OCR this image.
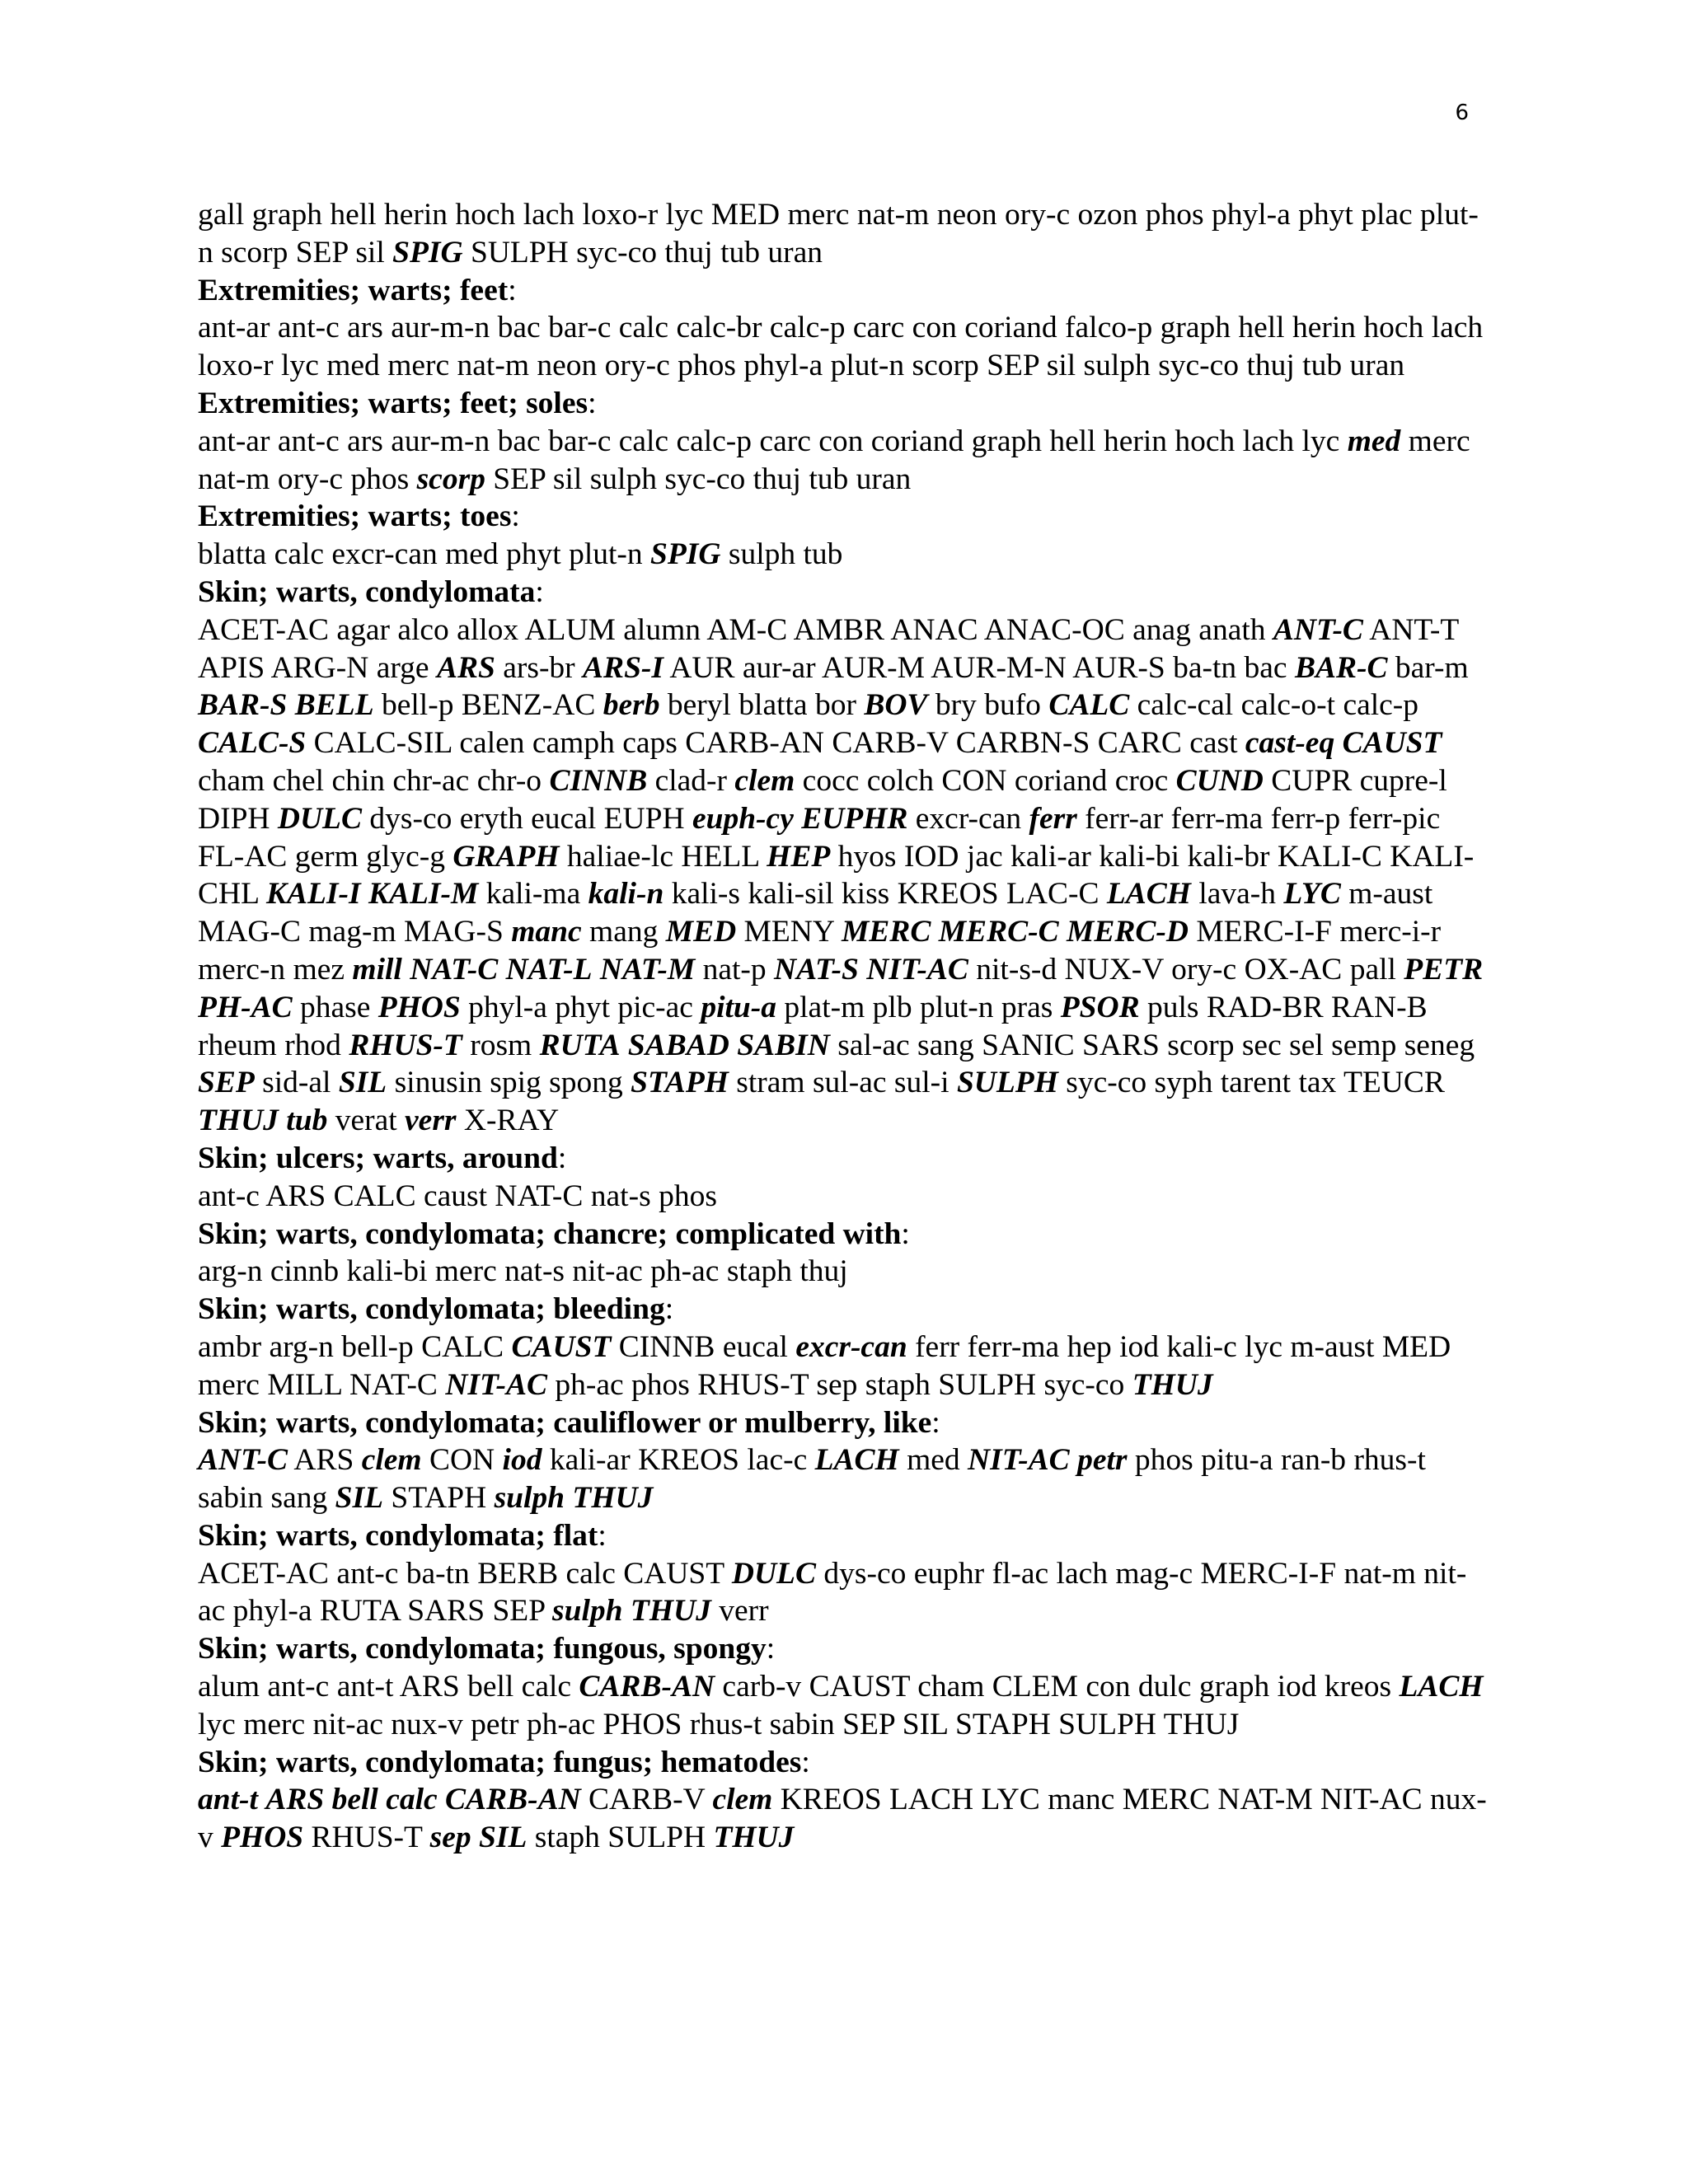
6

gall graph hell herin hoch lach loxo-r lyc MED merc nat-m neon ory-c ozon phos phyl-a phyt plac plut-n scorp SEP sil SPIG SULPH syc-co thuj tub uran

Extremities; warts; feet:

ant-ar ant-c ars aur-m-n bac bar-c calc calc-br calc-p carc con coriand falco-p graph hell herin hoch lach loxo-r lyc med merc nat-m neon ory-c phos phyl-a plut-n scorp SEP sil sulph syc-co thuj tub uran

Extremities; warts; feet; soles:

ant-ar ant-c ars aur-m-n bac bar-c calc calc-p carc con coriand graph hell herin hoch lach lyc med merc nat-m ory-c phos scorp SEP sil sulph syc-co thuj tub uran

Extremities; warts; toes:

blatta calc excr-can med phyt plut-n SPIG sulph tub

Skin; warts, condylomata:

ACET-AC agar alco allox ALUM alumn AM-C AMBR ANAC ANAC-OC anag anath ANT-C ANT-T APIS ARG-N arge ARS ars-br ARS-I AUR aur-ar AUR-M AUR-M-N AUR-S ba-tn bac BAR-C bar-m BAR-S BELL bell-p BENZ-AC berb beryl blatta bor BOV bry bufo CALC calc-cal calc-o-t calc-p CALC-S CALC-SIL calen camph caps CARB-AN CARB-V CARBN-S CARC cast cast-eq CAUST cham chel chin chr-ac chr-o CINNB clad-r clem cocc colch CON coriand croc CUND CUPR cupre-l DIPH DULC dys-co eryth eucal EUPH euph-cy EUPHR excr-can ferr ferr-ar ferr-ma ferr-p ferr-pic FL-AC germ glyc-g GRAPH haliae-lc HELL HEP hyos IOD jac kali-ar kali-bi kali-br KALI-C KALI-CHL KALI-I KALI-M kali-ma kali-n kali-s kali-sil kiss KREOS LAC-C LACH lava-h LYC m-aust MAG-C mag-m MAG-S manc mang MED MENY MERC MERC-C MERC-D MERC-I-F merc-i-r merc-n mez mill NAT-C NAT-L NAT-M nat-p NAT-S NIT-AC nit-s-d NUX-V ory-c OX-AC pall PETR PH-AC phase PHOS phyl-a phyt pic-ac pitu-a plat-m plb plut-n pras PSOR puls RAD-BR RAN-B rheum rhod RHUS-T rosm RUTA SABAD SABIN sal-ac sang SANIC SARS scorp sec sel semp seneg SEP sid-al SIL sinusin spig spong STAPH stram sul-ac sul-i SULPH syc-co syph tarent tax TEUCR THUJ tub verat verr X-RAY

Skin; ulcers; warts, around:

ant-c ARS CALC caust NAT-C nat-s phos

Skin; warts, condylomata; chancre; complicated with:

arg-n cinnb kali-bi merc nat-s nit-ac ph-ac staph thuj

Skin; warts, condylomata; bleeding:

ambr arg-n bell-p CALC CAUST CINNB eucal excr-can ferr ferr-ma hep iod kali-c lyc m-aust MED merc MILL NAT-C NIT-AC ph-ac phos RHUS-T sep staph SULPH syc-co THUJ

Skin; warts, condylomata; cauliflower or mulberry, like:

ANT-C ARS clem CON iod kali-ar KREOS lac-c LACH med NIT-AC petr phos pitu-a ran-b rhus-t sabin sang SIL STAPH sulph THUJ

Skin; warts, condylomata; flat:

ACET-AC ant-c ba-tn BERB calc CAUST DULC dys-co euphr fl-ac lach mag-c MERC-I-F nat-m nit-ac phyl-a RUTA SARS SEP sulph THUJ verr

Skin; warts, condylomata; fungous, spongy:

alum ant-c ant-t ARS bell calc CARB-AN carb-v CAUST cham CLEM con dulc graph iod kreos LACH lyc merc nit-ac nux-v petr ph-ac PHOS rhus-t sabin SEP SIL STAPH SULPH THUJ

Skin; warts, condylomata; fungus; hematodes:

ant-t ARS bell calc CARB-AN CARB-V clem KREOS LACH LYC manc MERC NAT-M NIT-AC nux-v PHOS RHUS-T sep SIL staph SULPH THUJ
